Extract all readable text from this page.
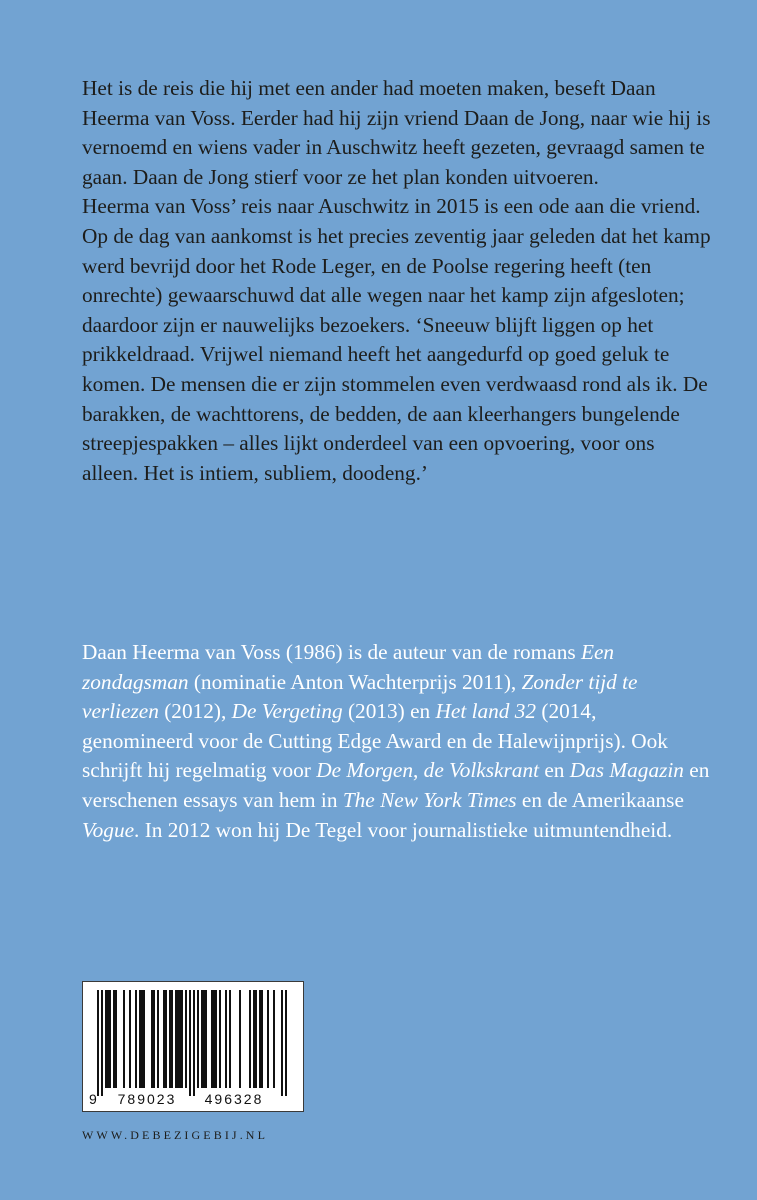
Het is de reis die hij met een ander had moeten maken, beseft Daan Heerma van Voss. Eerder had hij zijn vriend Daan de Jong, naar wie hij is vernoemd en wiens vader in Auschwitz heeft gezeten, gevraagd samen te gaan. Daan de Jong stierf voor ze het plan konden uitvoeren.

Heerma van Voss’ reis naar Auschwitz in 2015 is een ode aan die vriend. Op de dag van aankomst is het precies zeventig jaar geleden dat het kamp werd bevrijd door het Rode Leger, en de Poolse regering heeft (ten onrechte) gewaarschuwd dat alle wegen naar het kamp zijn afgesloten; daardoor zijn er nauwelijks bezoekers. ‘Sneeuw blijft liggen op het prikkeldraad. Vrijwel niemand heeft het aangedurfd op goed geluk te komen. De mensen die er zijn stommelen even verdwaasd rond als ik. De barakken, de wachttorens, de bedden, de aan kleerhangers bungelende streepjespakken – alles lijkt onderdeel van een opvoering, voor ons alleen. Het is intiem, subliem, doodeng.’

Daan Heerma van Voss (1986) is de auteur van de romans Een zondagsman (nominatie Anton Wachterprijs 2011), Zonder tijd te verliezen (2012), De Vergeting (2013) en Het land 32 (2014, genomineerd voor de Cutting Edge Award en de Halewijnprijs). Ook schrijft hij regelmatig voor De Morgen, de Volkskrant en Das Magazin en verschenen essays van hem in The New York Times en de Amerikaanse Vogue. In 2012 won hij De Tegel voor journalistieke uitmuntendheid.
9 789023 496328
WWW.DEBEZIGEBIJ.NL
